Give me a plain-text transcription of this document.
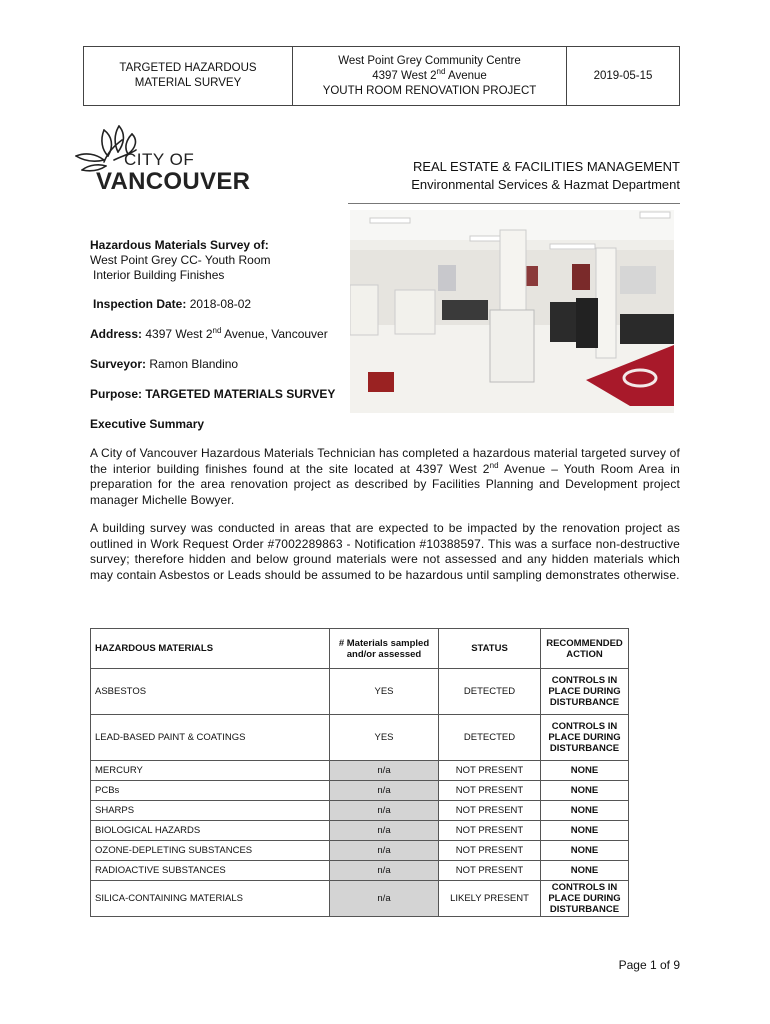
TARGETED HAZARDOUS
MATERIAL SURVEY	West Point Grey Community Centre
4397 West 2nd Avenue
YOUTH ROOM RENOVATION PROJECT	2019-05-15
CITY OF
VANCOUVER
REAL ESTATE & FACILITIES MANAGEMENT
Environmental Services & Hazmat Department
Hazardous Materials Survey of:
West Point Grey CC- Youth Room
Interior Building Finishes
Inspection Date: 2018-08-02
Address: 4397 West 2nd Avenue, Vancouver
Surveyor: Ramon Blandino
Purpose: TARGETED MATERIALS SURVEY
Executive Summary
A City of Vancouver Hazardous Materials Technician has completed a hazardous material targeted survey of the interior building finishes found at the site located at 4397 West 2nd Avenue – Youth Room Area in preparation for the area renovation project as described by Facilities Planning and Development project manager Michelle Bowyer.
A building survey was conducted in areas that are expected to be impacted by the renovation project as outlined in Work Request Order #7002289863 - Notification #10388597. This was a surface non-destructive survey; therefore hidden and below ground materials were not assessed and any hidden materials which may contain Asbestos or Leads should be assumed to be hazardous until sampling demonstrates otherwise.
HAZARDOUS MATERIALS	# Materials sampled and/or assessed	STATUS	RECOMMENDED ACTION
ASBESTOS	YES	DETECTED	CONTROLS IN PLACE DURING DISTURBANCE
LEAD-BASED PAINT & COATINGS	YES	DETECTED	CONTROLS IN PLACE DURING DISTURBANCE
MERCURY	n/a	NOT PRESENT	NONE
PCBs	n/a	NOT PRESENT	NONE
SHARPS	n/a	NOT PRESENT	NONE
BIOLOGICAL HAZARDS	n/a	NOT PRESENT	NONE
OZONE-DEPLETING SUBSTANCES	n/a	NOT PRESENT	NONE
RADIOACTIVE SUBSTANCES	n/a	NOT PRESENT	NONE
SILICA-CONTAINING MATERIALS	n/a	LIKELY PRESENT	CONTROLS IN PLACE DURING DISTURBANCE
Page 1 of 9
